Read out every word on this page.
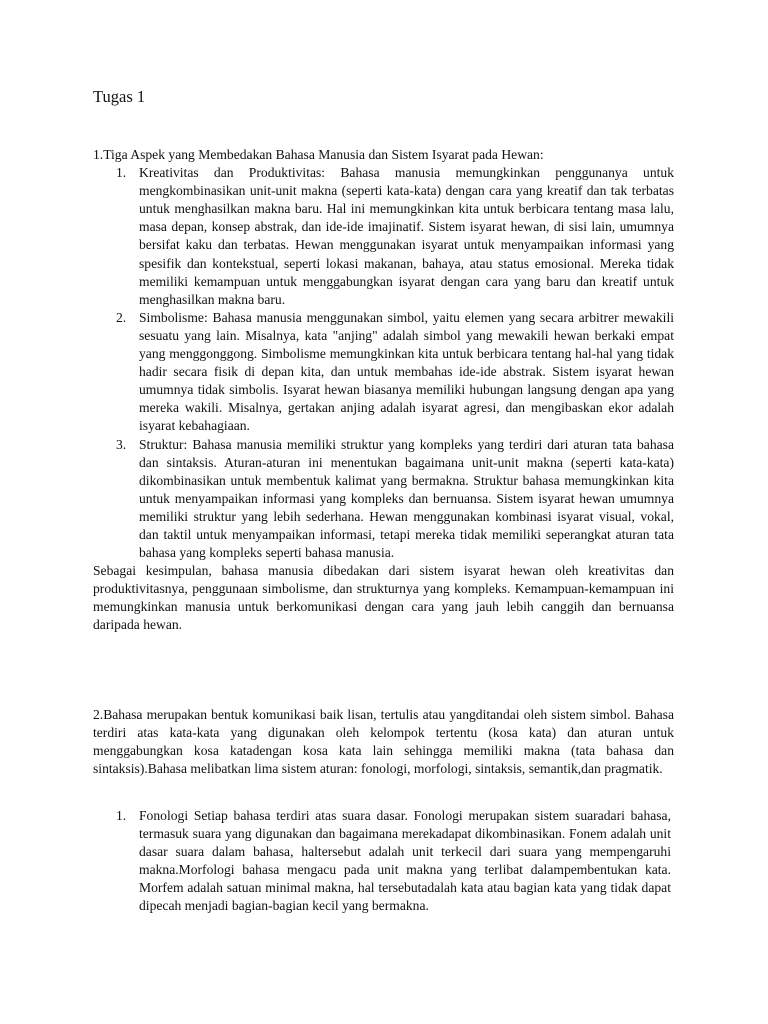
Tugas 1

1.Tiga Aspek yang Membedakan Bahasa Manusia dan Sistem Isyarat pada Hewan:

1. Kreativitas dan Produktivitas: Bahasa manusia memungkinkan penggunanya untuk mengkombinasikan unit-unit makna (seperti kata-kata) dengan cara yang kreatif dan tak terbatas untuk menghasilkan makna baru. Hal ini memungkinkan kita untuk berbicara tentang masa lalu, masa depan, konsep abstrak, dan ide-ide imajinatif. Sistem isyarat hewan, di sisi lain, umumnya bersifat kaku dan terbatas. Hewan menggunakan isyarat untuk menyampaikan informasi yang spesifik dan kontekstual, seperti lokasi makanan, bahaya, atau status emosional. Mereka tidak memiliki kemampuan untuk menggabungkan isyarat dengan cara yang baru dan kreatif untuk menghasilkan makna baru.
2. Simbolisme: Bahasa manusia menggunakan simbol, yaitu elemen yang secara arbitrer mewakili sesuatu yang lain. Misalnya, kata "anjing" adalah simbol yang mewakili hewan berkaki empat yang menggonggong. Simbolisme memungkinkan kita untuk berbicara tentang hal-hal yang tidak hadir secara fisik di depan kita, dan untuk membahas ide-ide abstrak. Sistem isyarat hewan umumnya tidak simbolis. Isyarat hewan biasanya memiliki hubungan langsung dengan apa yang mereka wakili. Misalnya, gertakan anjing adalah isyarat agresi, dan mengibaskan ekor adalah isyarat kebahagiaan.
3. Struktur: Bahasa manusia memiliki struktur yang kompleks yang terdiri dari aturan tata bahasa dan sintaksis. Aturan-aturan ini menentukan bagaimana unit-unit makna (seperti kata-kata) dikombinasikan untuk membentuk kalimat yang bermakna. Struktur bahasa memungkinkan kita untuk menyampaikan informasi yang kompleks dan bernuansa. Sistem isyarat hewan umumnya memiliki struktur yang lebih sederhana. Hewan menggunakan kombinasi isyarat visual, vokal, dan taktil untuk menyampaikan informasi, tetapi mereka tidak memiliki seperangkat aturan tata bahasa yang kompleks seperti bahasa manusia.

Sebagai kesimpulan, bahasa manusia dibedakan dari sistem isyarat hewan oleh kreativitas dan produktivitasnya, penggunaan simbolisme, dan strukturnya yang kompleks. Kemampuan-kemampuan ini memungkinkan manusia untuk berkomunikasi dengan cara yang jauh lebih canggih dan bernuansa daripada hewan.

2.Bahasa merupakan bentuk komunikasi baik lisan, tertulis atau yangditandai oleh sistem simbol. Bahasa terdiri atas kata-kata yang digunakan oleh kelompok tertentu (kosa kata) dan aturan untuk menggabungkan kosa katadengan kosa kata lain sehingga memiliki makna (tata bahasa dan sintaksis).Bahasa melibatkan lima sistem aturan: fonologi, morfologi, sintaksis, semantik,dan pragmatik.

1. Fonologi Setiap bahasa terdiri atas suara dasar. Fonologi merupakan sistem suaradari bahasa, termasuk suara yang digunakan dan bagaimana merekadapat dikombinasikan. Fonem adalah unit dasar suara dalam bahasa, haltersebut adalah unit terkecil dari suara yang mempengaruhi makna.Morfologi bahasa mengacu pada unit makna yang terlibat dalampembentukan kata. Morfem adalah satuan minimal makna, hal tersebutadalah kata atau bagian kata yang tidak dapat dipecah menjadi bagian-bagian kecil yang bermakna.
